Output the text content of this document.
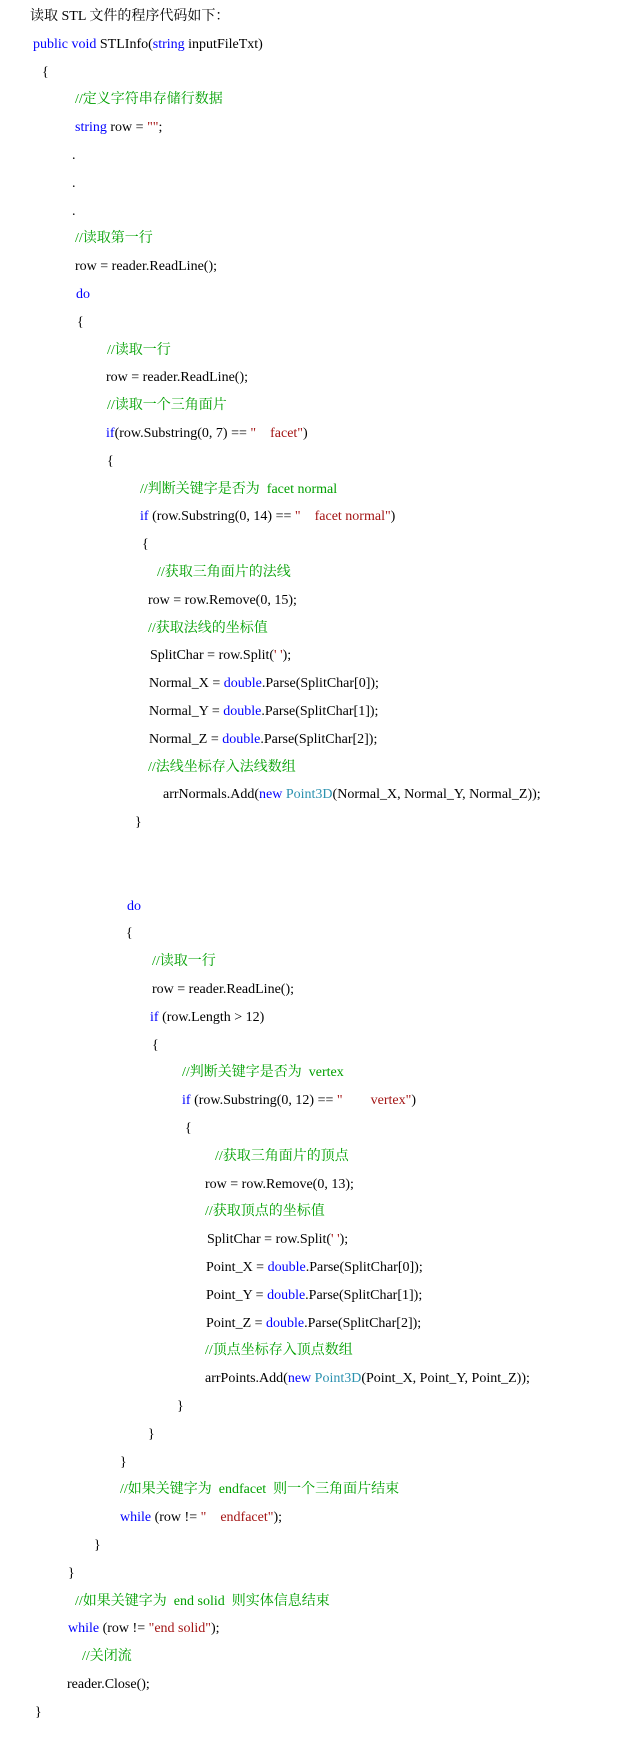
读取 STL 文件的程序代码如下：
public void STLInfo(string inputFileTxt)
{
//定义字符串存储行数据
string row = "";
.
.
.
//读取第一行
row = reader.ReadLine();
do
{
//读取一行
row = reader.ReadLine();
//读取一个三角面片
if(row.Substring(0, 7) == "    facet")
{
//判断关键字是否为  facet normal
if (row.Substring(0, 14) == "    facet normal")
{
//获取三角面片的法线
row = row.Remove(0, 15);
//获取法线的坐标值
SplitChar = row.Split(' ');
Normal_X = double.Parse(SplitChar[0]);
Normal_Y = double.Parse(SplitChar[1]);
Normal_Z = double.Parse(SplitChar[2]);
//法线坐标存入法线数组
arrNormals.Add(new Point3D(Normal_X, Normal_Y, Normal_Z));
}
do
{
//读取一行
row = reader.ReadLine();
if (row.Length > 12)
{
//判断关键字是否为  vertex
if (row.Substring(0, 12) == "        vertex")
{
//获取三角面片的顶点
row = row.Remove(0, 13);
//获取顶点的坐标值
SplitChar = row.Split(' ');
Point_X = double.Parse(SplitChar[0]);
Point_Y = double.Parse(SplitChar[1]);
Point_Z = double.Parse(SplitChar[2]);
//顶点坐标存入顶点数组
arrPoints.Add(new Point3D(Point_X, Point_Y, Point_Z));
}
}
}
//如果关键字为  endfacet  则一个三角面片结束
while (row != "    endfacet");
}
}
//如果关键字为  end solid  则实体信息结束
while (row != "end solid");
//关闭流
reader.Close();
}
